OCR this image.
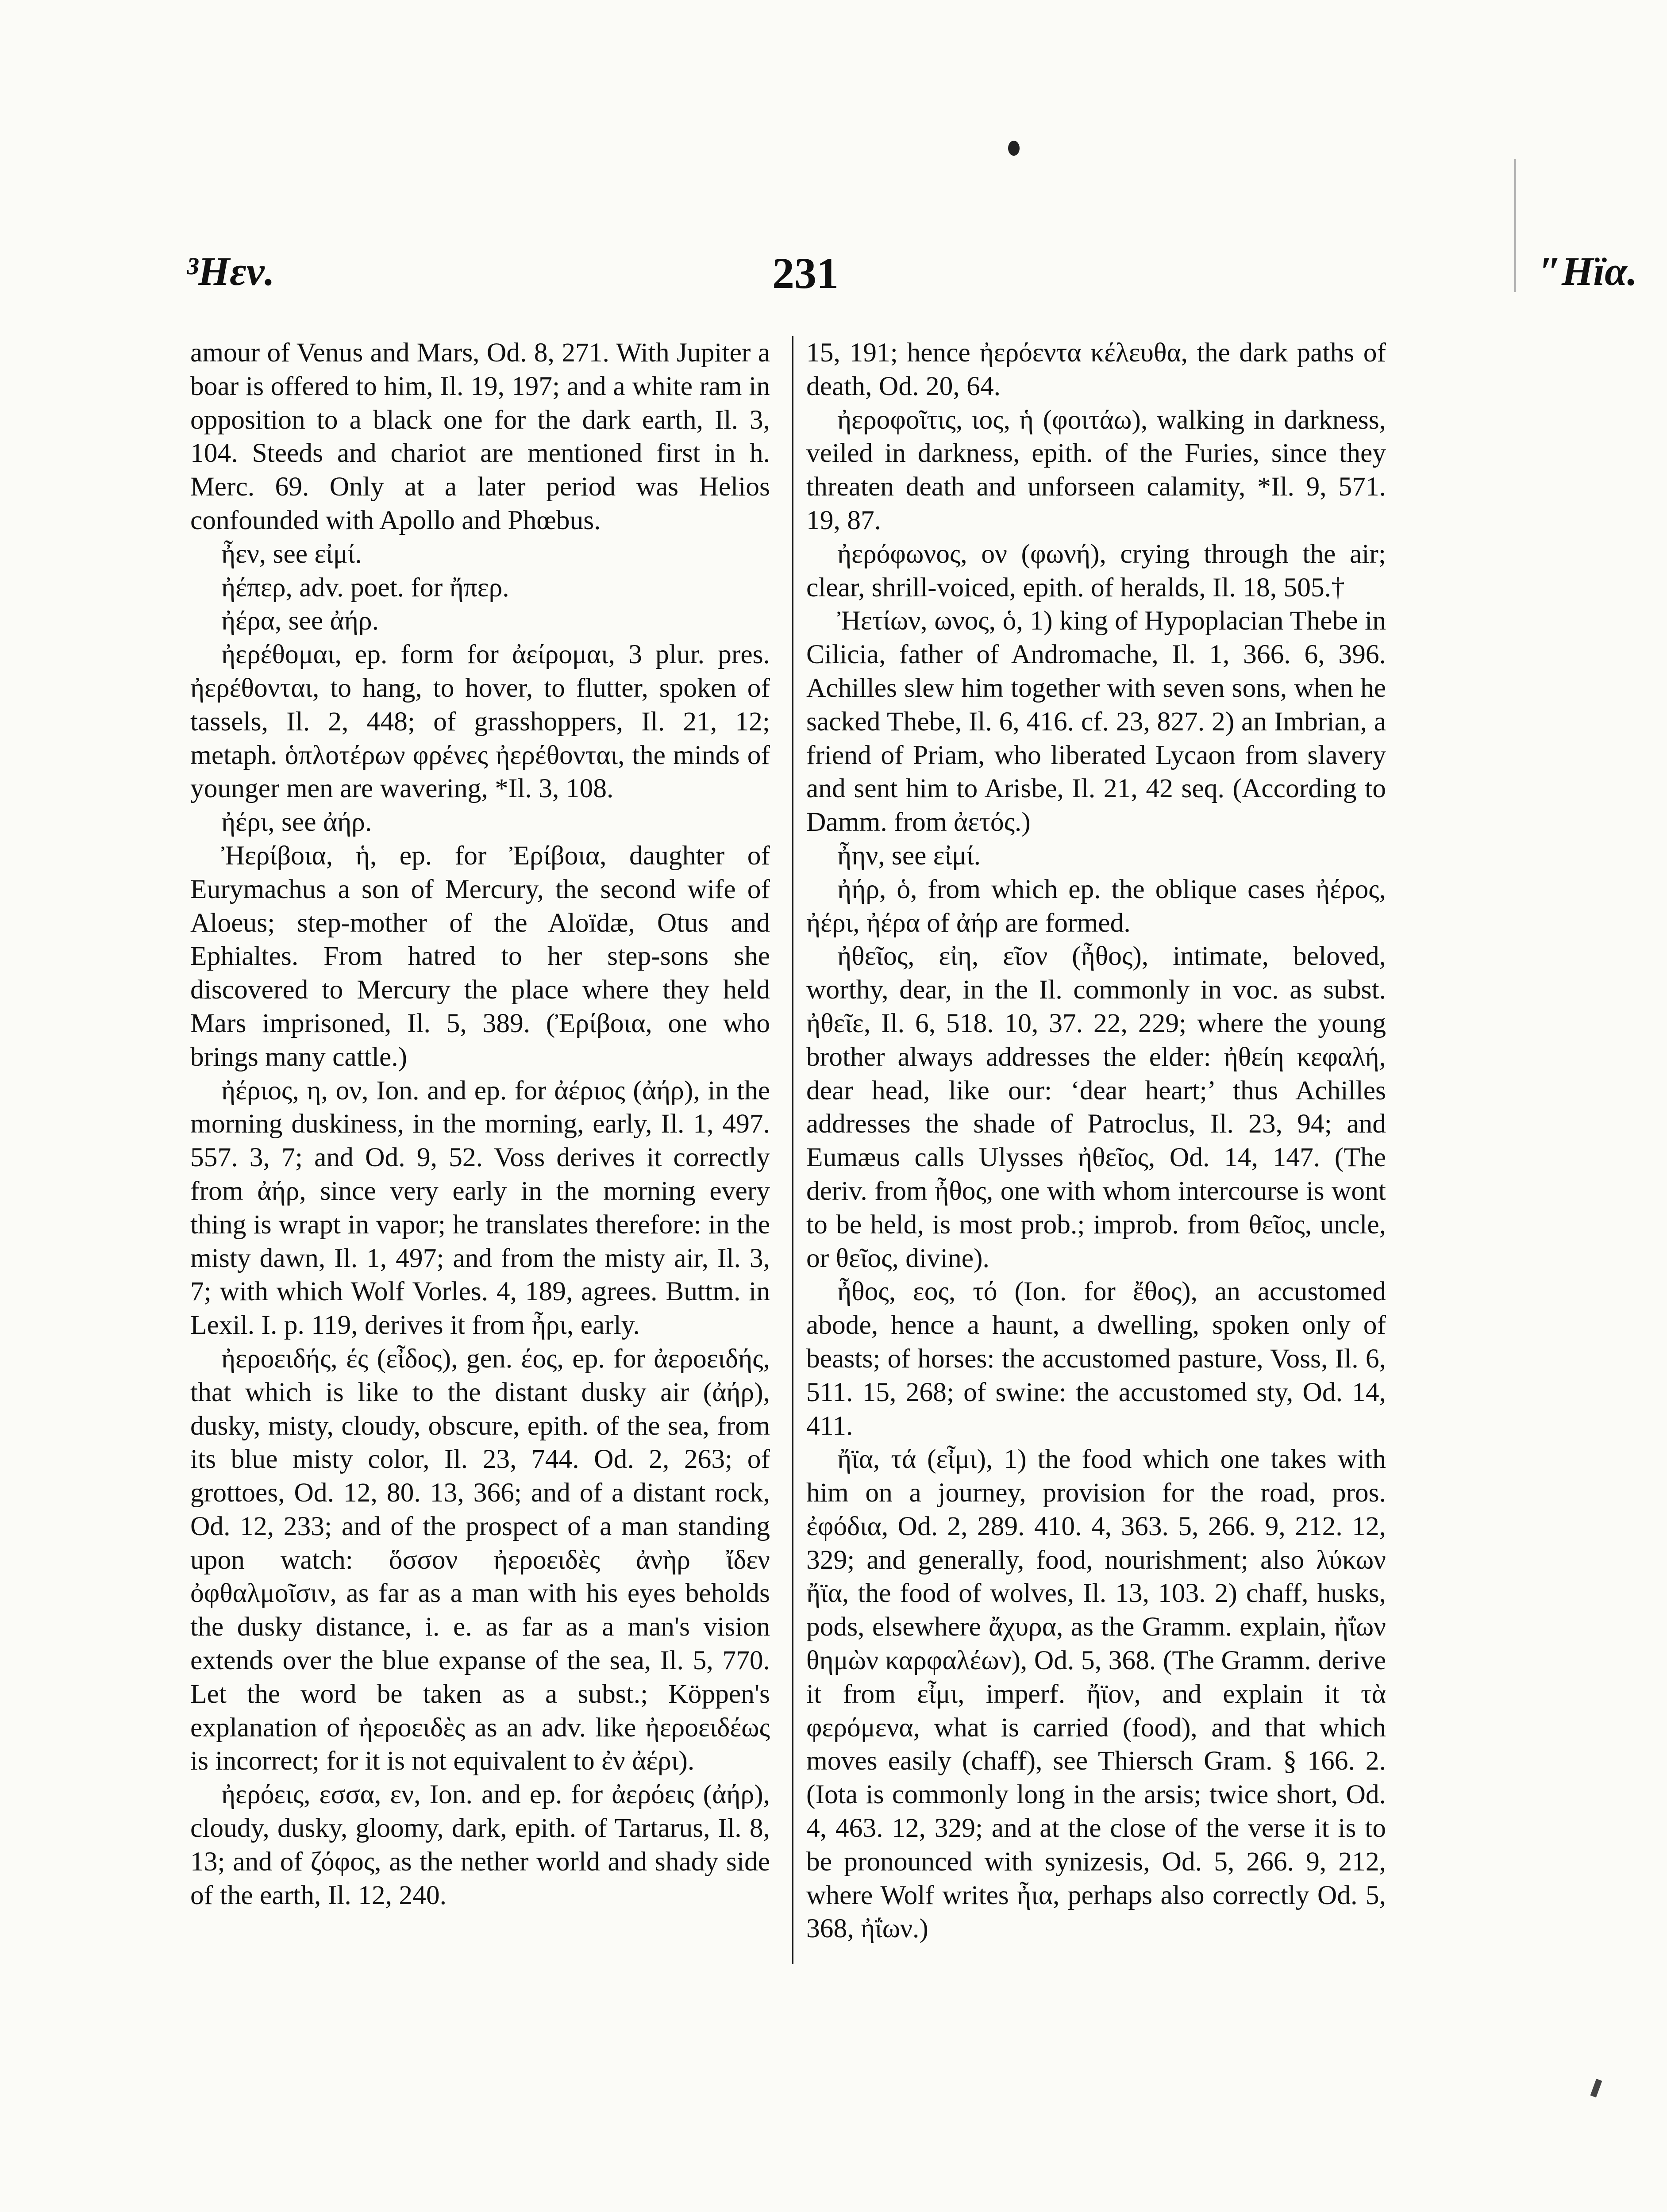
³Ηεν.	231	″Ηϊα.

amour of Venus and Mars, Od. 8, 271. With Jupiter a boar is offered to him, Il. 19, 197; and a white ram in opposition to a black one for the dark earth, Il. 3, 104. Steeds and chariot are mentioned first in h. Merc. 69. Only at a later period was Helios confounded with Apollo and Phœbus.

ἦεν, see εἰμί.

ἠέπερ, adv. poet. for ἤπερ.

ἠέρα, see ἀήρ.

ἠερέθομαι, ep. form for ἀείρομαι, 3 plur. pres. ἠερέθονται, to hang, to hover, to flutter, spoken of tassels, Il. 2, 448; of grasshoppers, Il. 21, 12; metaph. ὁπλοτέρων φρένες ἠερέθονται, the minds of younger men are wavering, *Il. 3, 108.

ἠέρι, see ἀήρ.

Ἠερίβοια, ἡ, ep. for Ἐρίβοια, daughter of Eurymachus a son of Mercury, the second wife of Aloeus; step-mother of the Aloïdæ, Otus and Ephialtes. From hatred to her step-sons she discovered to Mercury the place where they held Mars imprisoned, Il. 5, 389. (Ἐρίβοια, one who brings many cattle.)

ἠέριος, η, ον, Ion. and ep. for ἀέριος (ἀήρ), in the morning duskiness, in the morning, early, Il. 1, 497. 557. 3, 7; and Od. 9, 52. Voss derives it correctly from ἀήρ, since very early in the morning every thing is wrapt in vapor; he translates therefore: in the misty dawn, Il. 1, 497; and from the misty air, Il. 3, 7; with which Wolf Vorles. 4, 189, agrees. Buttm. in Lexil. I. p. 119, derives it from ἦρι, early.

ἠεροειδής, ές (εἶδος), gen. έος, ep. for ἀεροειδής, that which is like to the distant dusky air (ἀήρ), dusky, misty, cloudy, obscure, epith. of the sea, from its blue misty color, Il. 23, 744. Od. 2, 263; of grottoes, Od. 12, 80. 13, 366; and of a distant rock, Od. 12, 233; and of the prospect of a man standing upon watch: ὅσσον ἠεροειδὲς ἀνὴρ ἴδεν ὀφθαλμοῖσιν, as far as a man with his eyes beholds the dusky distance, i. e. as far as a man's vision extends over the blue expanse of the sea, Il. 5, 770. Let the word be taken as a subst.; Köppen's explanation of ἠεροειδὲς as an adv. like ἠεροειδέως is incorrect; for it is not equivalent to ἐν ἀέρι).

ἠερόεις, εσσα, εν, Ion. and ep. for ἀερόεις (ἀήρ), cloudy, dusky, gloomy, dark, epith. of Tartarus, Il. 8, 13; and of ζόφος, as the nether world and shady side of the earth, Il. 12, 240.

15, 191; hence ἠερόεντα κέλευθα, the dark paths of death, Od. 20, 64.

ἠεροφοῖτις, ιος, ἡ (φοιτάω), walking in darkness, veiled in darkness, epith. of the Furies, since they threaten death and unforseen calamity, *Il. 9, 571. 19, 87.

ἠερόφωνος, ον (φωνή), crying through the air; clear, shrill-voiced, epith. of heralds, Il. 18, 505.†

Ἠετίων, ωνος, ὁ, 1) king of Hypoplacian Thebe in Cilicia, father of Andromache, Il. 1, 366. 6, 396. Achilles slew him together with seven sons, when he sacked Thebe, Il. 6, 416. cf. 23, 827. 2) an Imbrian, a friend of Priam, who liberated Lycaon from slavery and sent him to Arisbe, Il. 21, 42 seq. (According to Damm. from ἀετός.)

ἦην, see εἰμί.

ἠήρ, ὁ, from which ep. the oblique cases ἠέρος, ἠέρι, ἠέρα of ἀήρ are formed.

ἠθεῖος, εἰη, εῖον (ἦθος), intimate, beloved, worthy, dear, in the Il. commonly in voc. as subst. ἠθεῖε, Il. 6, 518. 10, 37. 22, 229; where the young brother always addresses the elder: ἠθείη κεφαλή, dear head, like our: ‘dear heart;’ thus Achilles addresses the shade of Patroclus, Il. 23, 94; and Eumæus calls Ulysses ἠθεῖος, Od. 14, 147. (The deriv. from ἦθος, one with whom intercourse is wont to be held, is most prob.; improb. from θεῖος, uncle, or θεῖος, divine).

ἦθος, εος, τό (Ion. for ἔθος), an accustomed abode, hence a haunt, a dwelling, spoken only of beasts; of horses: the accustomed pasture, Voss, Il. 6, 511. 15, 268; of swine: the accustomed sty, Od. 14, 411.

ἤϊα, τά (εἶμι), 1) the food which one takes with him on a journey, provision for the road, pros. ἐφόδια, Od. 2, 289. 410. 4, 363. 5, 266. 9, 212. 12, 329; and generally, food, nourishment; also λύκων ἤϊα, the food of wolves, Il. 13, 103. 2) chaff, husks, pods, elsewhere ἄχυρα, as the Gramm. explain, ἠΐων θημὼν καρφαλέων), Od. 5, 368. (The Gramm. derive it from εἶμι, imperf. ἤϊον, and explain it τὰ φερόμενα, what is carried (food), and that which moves easily (chaff), see Thiersch Gram. § 166. 2. (Iota is commonly long in the arsis; twice short, Od. 4, 463. 12, 329; and at the close of the verse it is to be pronounced with synizesis, Od. 5, 266. 9, 212, where Wolf writes ἦια, perhaps also correctly Od. 5, 368, ἠΐων.)
